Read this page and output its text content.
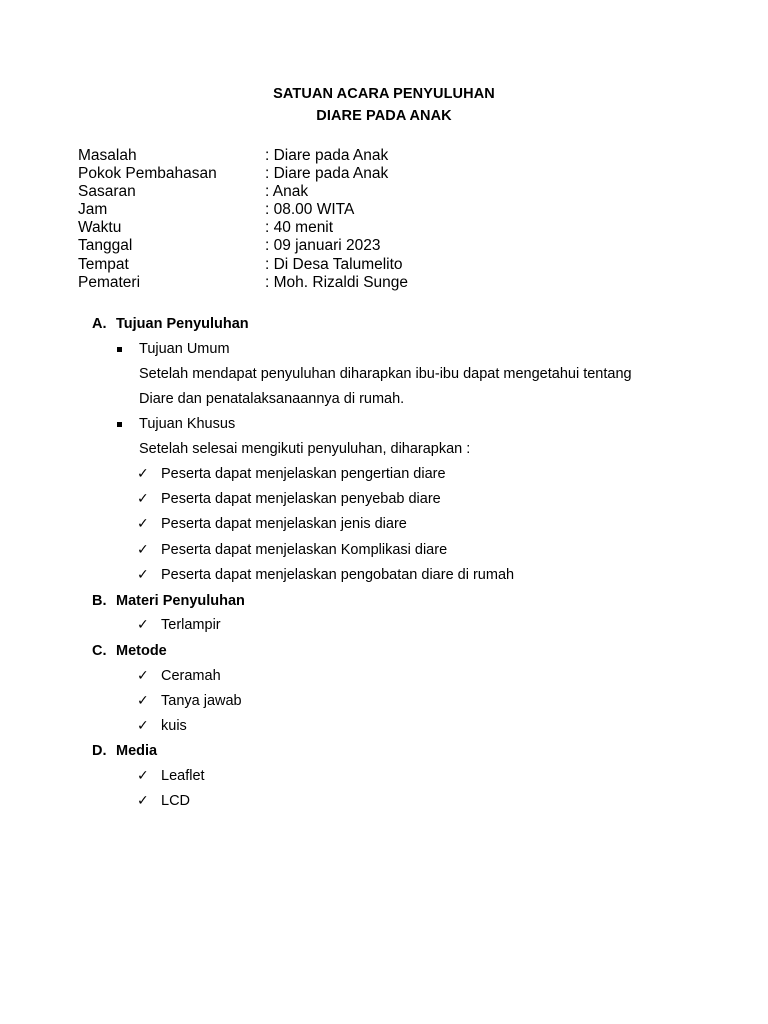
SATUAN ACARA PENYULUHAN
DIARE PADA ANAK
Masalah	: Diare pada Anak
Pokok Pembahasan	: Diare pada Anak
Sasaran	: Anak
Jam	: 08.00 WITA
Waktu	: 40 menit
Tanggal	: 09 januari 2023
Tempat	: Di Desa Talumelito
Pemateri	: Moh. Rizaldi Sunge
A. Tujuan Penyuluhan
Tujuan Umum
Setelah mendapat penyuluhan diharapkan ibu-ibu dapat mengetahui tentang
Diare dan penatalaksanaannya di rumah.
Tujuan Khusus
Setelah selesai mengikuti penyuluhan, diharapkan :
✓ Peserta dapat menjelaskan pengertian diare
✓ Peserta dapat menjelaskan penyebab diare
✓ Peserta dapat menjelaskan jenis diare
✓ Peserta dapat menjelaskan Komplikasi diare
✓ Peserta dapat menjelaskan pengobatan diare di rumah
B. Materi Penyuluhan
✓ Terlampir
C. Metode
✓ Ceramah
✓ Tanya jawab
✓ kuis
D. Media
✓ Leaflet
✓ LCD
